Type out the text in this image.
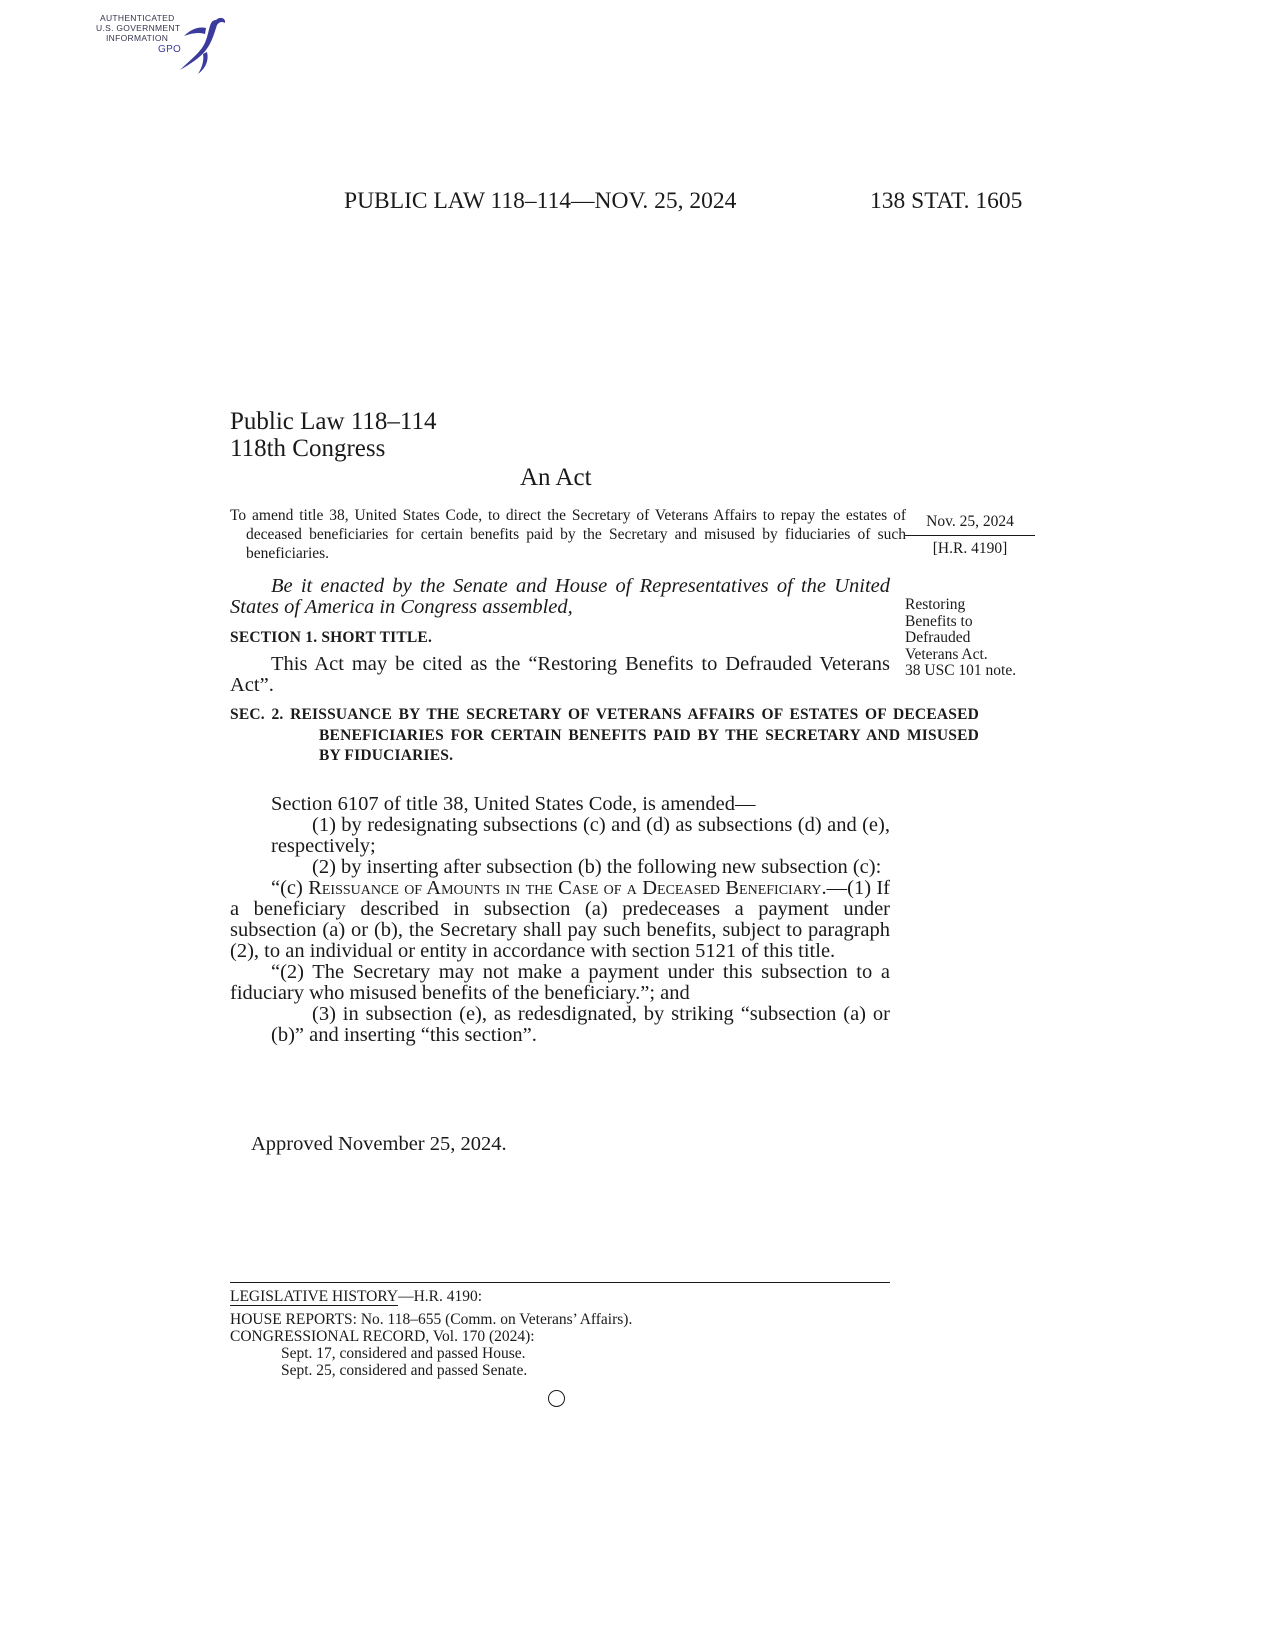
AUTHENTICATED
U.S. GOVERNMENT
INFORMATION
GPO
PUBLIC LAW 118–114—NOV. 25, 2024	138 STAT. 1605
Public Law 118–114
118th Congress
An Act
To amend title 38, United States Code, to direct the Secretary of Veterans Affairs to repay the estates of deceased beneficiaries for certain benefits paid by the Secretary and misused by fiduciaries of such beneficiaries.
Nov. 25, 2024
[H.R. 4190]
Restoring
Benefits to
Defrauded
Veterans Act.
38 USC 101 note.

Be it enacted by the Senate and House of Representatives of the United States of America in Congress assembled,

SECTION 1. SHORT TITLE.

This Act may be cited as the “Restoring Benefits to Defrauded Veterans Act”.

SEC. 2. REISSUANCE BY THE SECRETARY OF VETERANS AFFAIRS OF ESTATES OF DECEASED BENEFICIARIES FOR CERTAIN BENEFITS PAID BY THE SECRETARY AND MISUSED BY FIDUCIARIES.

Section 6107 of title 38, United States Code, is amended—

(1) by redesignating subsections (c) and (d) as subsections (d) and (e), respectively;

(2) by inserting after subsection (b) the following new subsection (c):

“(c) Reissuance of Amounts in the Case of a Deceased Beneficiary.—(1) If a beneficiary described in subsection (a) predeceases a payment under subsection (a) or (b), the Secretary shall pay such benefits, subject to paragraph (2), to an individual or entity in accordance with section 5121 of this title.

“(2) The Secretary may not make a payment under this subsection to a fiduciary who misused benefits of the beneficiary.”; and

(3) in subsection (e), as redesdignated, by striking “subsection (a) or (b)” and inserting “this section”.

Approved November 25, 2024.
LEGISLATIVE HISTORY—H.R. 4190:
HOUSE REPORTS: No. 118–655 (Comm. on Veterans’ Affairs).
CONGRESSIONAL RECORD, Vol. 170 (2024):
Sept. 17, considered and passed House.
Sept. 25, considered and passed Senate.
